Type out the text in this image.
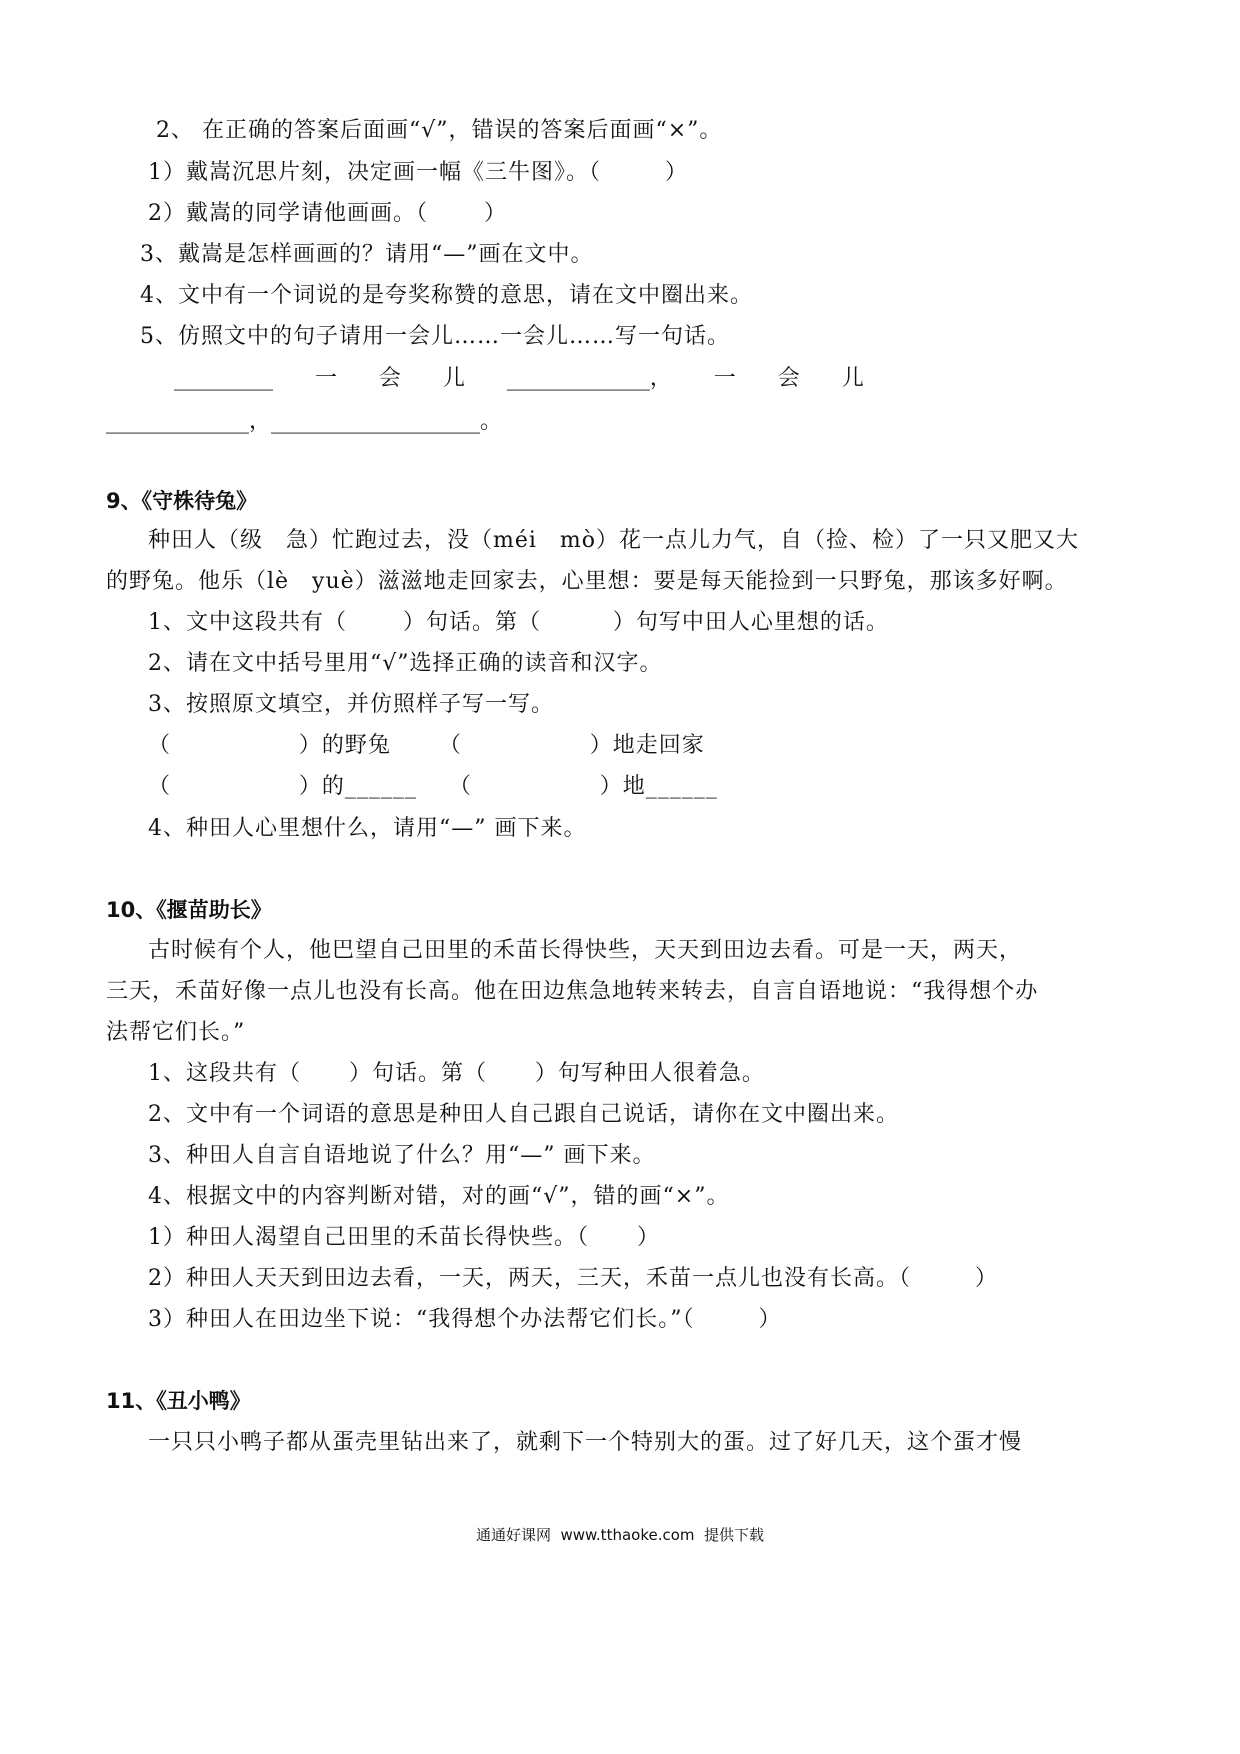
2、 在正确的答案后面画“√”，错误的答案后面画“×”。
1）戴嵩沉思片刻，决定画一幅《三牛图》。（        ）
2）戴嵩的同学请他画画。（       ）
3、戴嵩是怎样画画的？请用“—”画在文中。
4、文中有一个词说的是夸奖称赞的意思，请在文中圈出来。
5、仿照文中的句子请用一会儿……一会儿……写一句话。
_________      一      会      儿      _____________，      一      会      儿
_____________，___________________。
9、《守株待兔》
种田人（级　急）忙跑过去，没（méi　mò）花一点儿力气，自（捡、检）了一只又肥又大
的野兔。他乐（lè　yuè）滋滋地走回家去，心里想：要是每天能捡到一只野兔，那该多好啊。
1、文中这段共有（       ）句话。第（         ）句写中田人心里想的话。
2、请在文中括号里用“√”选择正确的读音和汉字。
3、按照原文填空，并仿照样子写一写。
（                ）的野兔      （                ）地走回家
（                ）的______    （                ）地______
4、种田人心里想什么，请用“—” 画下来。
10、《揠苗助长》
古时候有个人，他巴望自己田里的禾苗长得快些，天天到田边去看。可是一天，两天，
三天，禾苗好像一点儿也没有长高。他在田边焦急地转来转去，自言自语地说：“我得想个办
法帮它们长。”
1、这段共有（      ）句话。第（      ）句写种田人很着急。
2、文中有一个词语的意思是种田人自己跟自己说话，请你在文中圈出来。
3、种田人自言自语地说了什么？用“—” 画下来。
4、根据文中的内容判断对错，对的画“√”，错的画“×”。
1）种田人渴望自己田里的禾苗长得快些。（      ）
2）种田人天天到田边去看，一天，两天，三天，禾苗一点儿也没有长高。（        ）
3）种田人在田边坐下说：“我得想个办法帮它们长。”（        ）
11、《丑小鸭》
一只只小鸭子都从蛋壳里钻出来了，就剩下一个特别大的蛋。过了好几天，这个蛋才慢
通通好课网  www.tthaoke.com  提供下载
